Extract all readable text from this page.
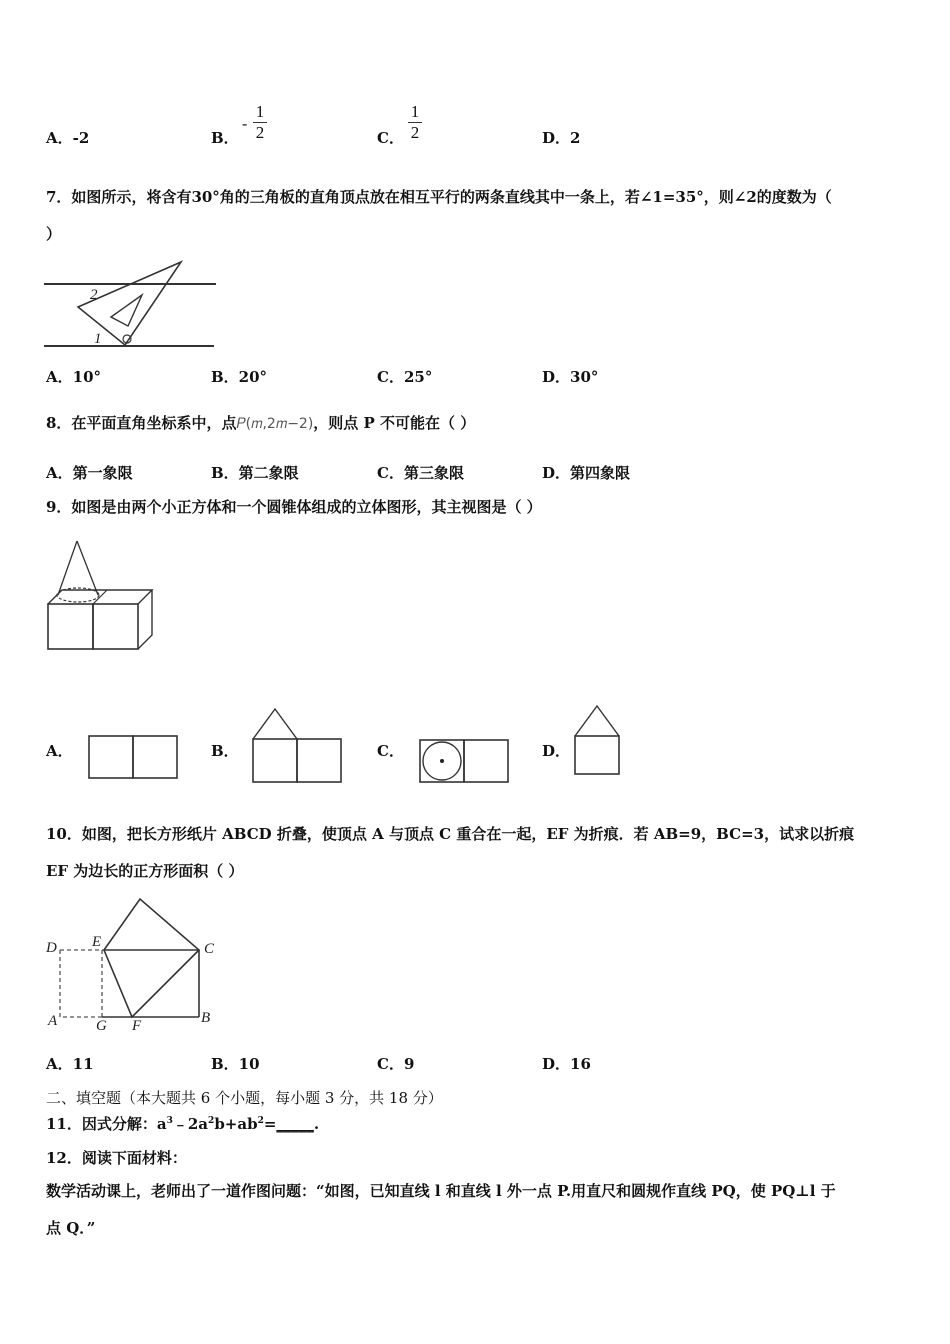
A．-2	B．
-
1
2	C．
1
2	D．2
7．如图所示，将含有30°角的三角板的直角顶点放在相互平行的两条直线其中一条上，若∠1=35°，则∠2的度数为（
）
2
1
A．10°	B．20°	C．25°	D．30°
8．在平面直角坐标系中，点𝑃(𝑚,2𝑚−2)，则点 P 不可能在（ ）
A．第一象限	B．第二象限	C．第三象限	D．第四象限
9．如图是由两个小正方体和一个圆锥体组成的立体图形，其主视图是（ ）
A．	B．	C．	D．
10．如图，把长方形纸片 ABCD 折叠，使顶点 A 与顶点 C 重合在一起，EF 为折痕．若 AB=9，BC=3，试求以折痕
EF 为边长的正方形面积（ ）
D E	C
A	G F	B
A．11	B．10	C．9	D．16
二、填空题（本大题共 6 个小题，每小题 3 分，共 18 分）
11．因式分解：$a^3﹣2a^2b+ab^2=\_\_\_\_\_$.
12．阅读下面材料：
数学活动课上，老师出了一道作图问题：“如图，已知直线 l 和直线 l 外一点 P.用直尺和圆规作直线 PQ，使 PQ⊥l 于
点 Q．”
